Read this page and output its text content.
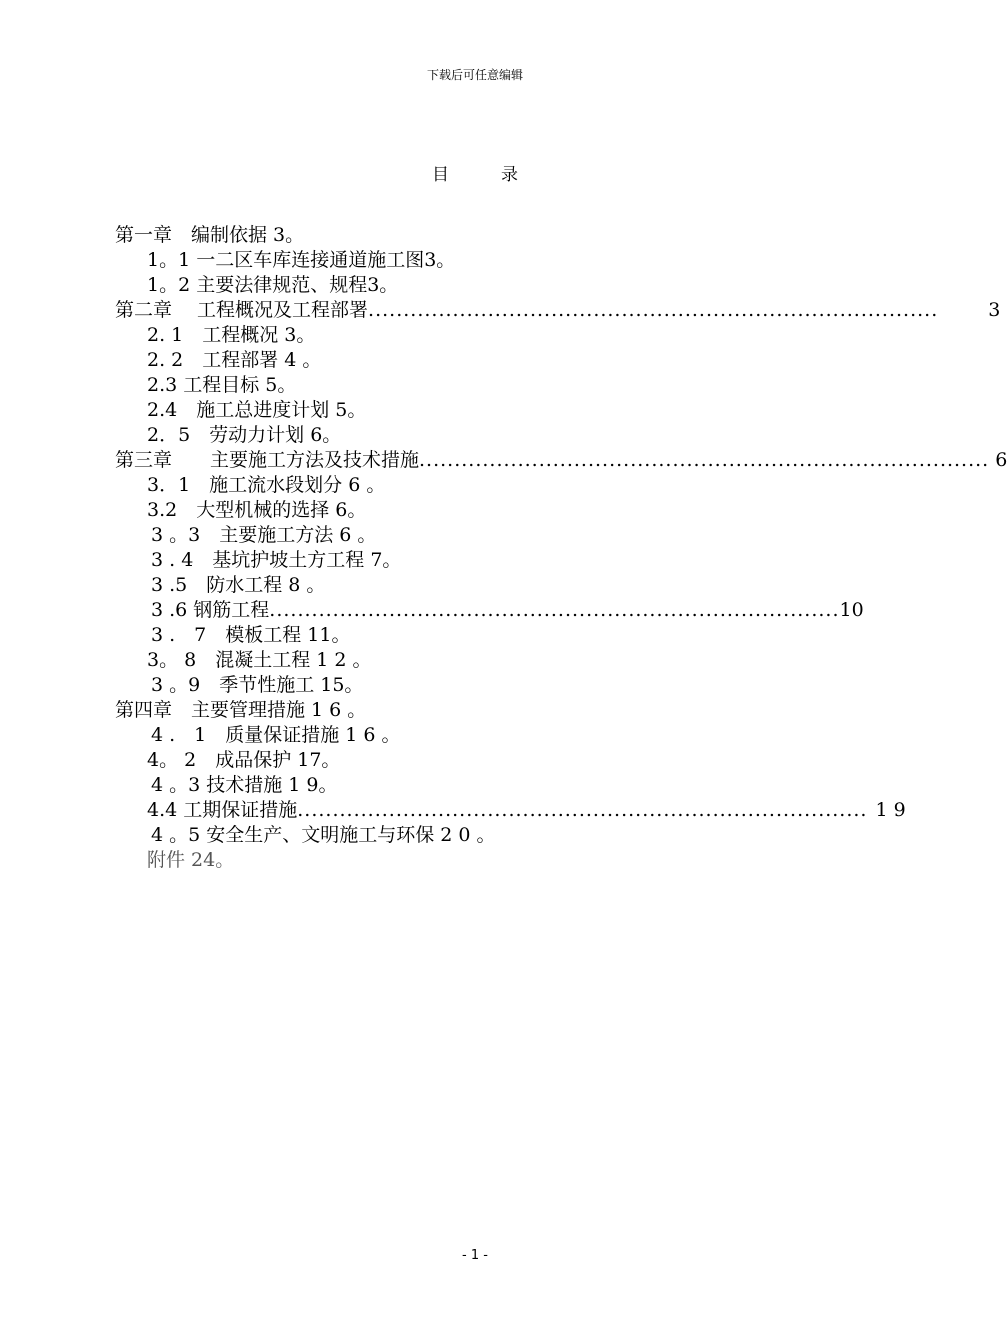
下载后可任意编辑
目录
第一章　编制依据 3。
1。1 一二区车库连接通道施工图3。
1。2 主要法律规范、规程3。
第二章　 工程概况及工程部署 .................................................................................	3
2. 1　工程概况 3。
2. 2　工程部署 4 。
2.3 工程目标 5。
2.4　施工总进度计划 5。
2．5　劳动力计划 6。
第三章　　主要施工方法及技术措施 ................................................................................. 6
3．1　施工流水段划分 6 。
3.2　大型机械的选择 6。
3 。3　主要施工方法 6 。
3 . 4　基坑护坡土方工程 7。
3 .5　防水工程 8 。
3 .6 钢筋工程 ................................................................................. 10
3 .　7　模板工程 11。
3。 8　混凝土工程 1 2 。
3 。9　季节性施工 15。
第四章　主要管理措施 1 6 。
4 .　1　质量保证措施 1 6 。
4。 2　成品保护 17。
4 。3 技术措施 1 9。
4.4 工期保证措施 ................................................................................. 1 9
4 。5 安全生产、文明施工与环保 2 0 。
附件 24。
- 1 -
